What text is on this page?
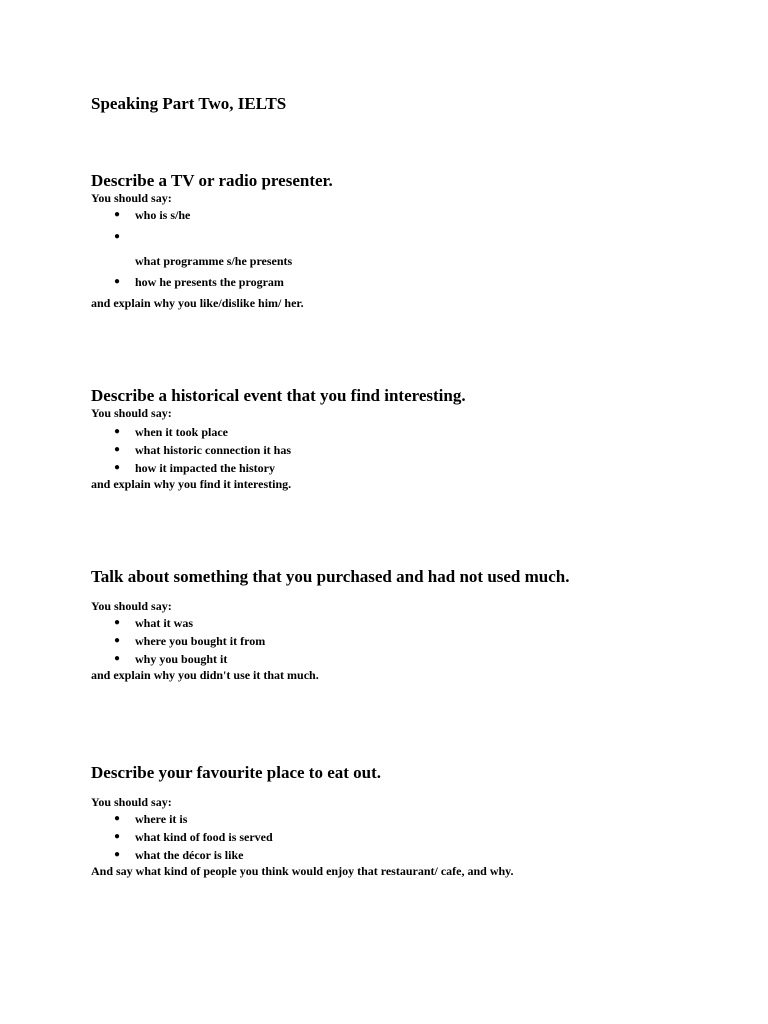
Speaking Part Two, IELTS
Describe a TV or radio presenter.
You should say:
● who is s/he
●
what programme s/he presents
● how he presents the program
and explain why you like/dislike him/ her.
Describe a historical event that you find interesting.
You should say:
● when it took place
● what historic connection it has
● how it impacted the history
and explain why you find it interesting.
Talk about something that you purchased and had not used much.
You should say:
● what it was
● where you bought it from
● why you bought it
and explain why you didn't use it that much.
Describe your favourite place to eat out.
You should say:
● where it is
● what kind of food is served
● what the décor is like
And say what kind of people you think would enjoy that restaurant/ cafe, and why.
